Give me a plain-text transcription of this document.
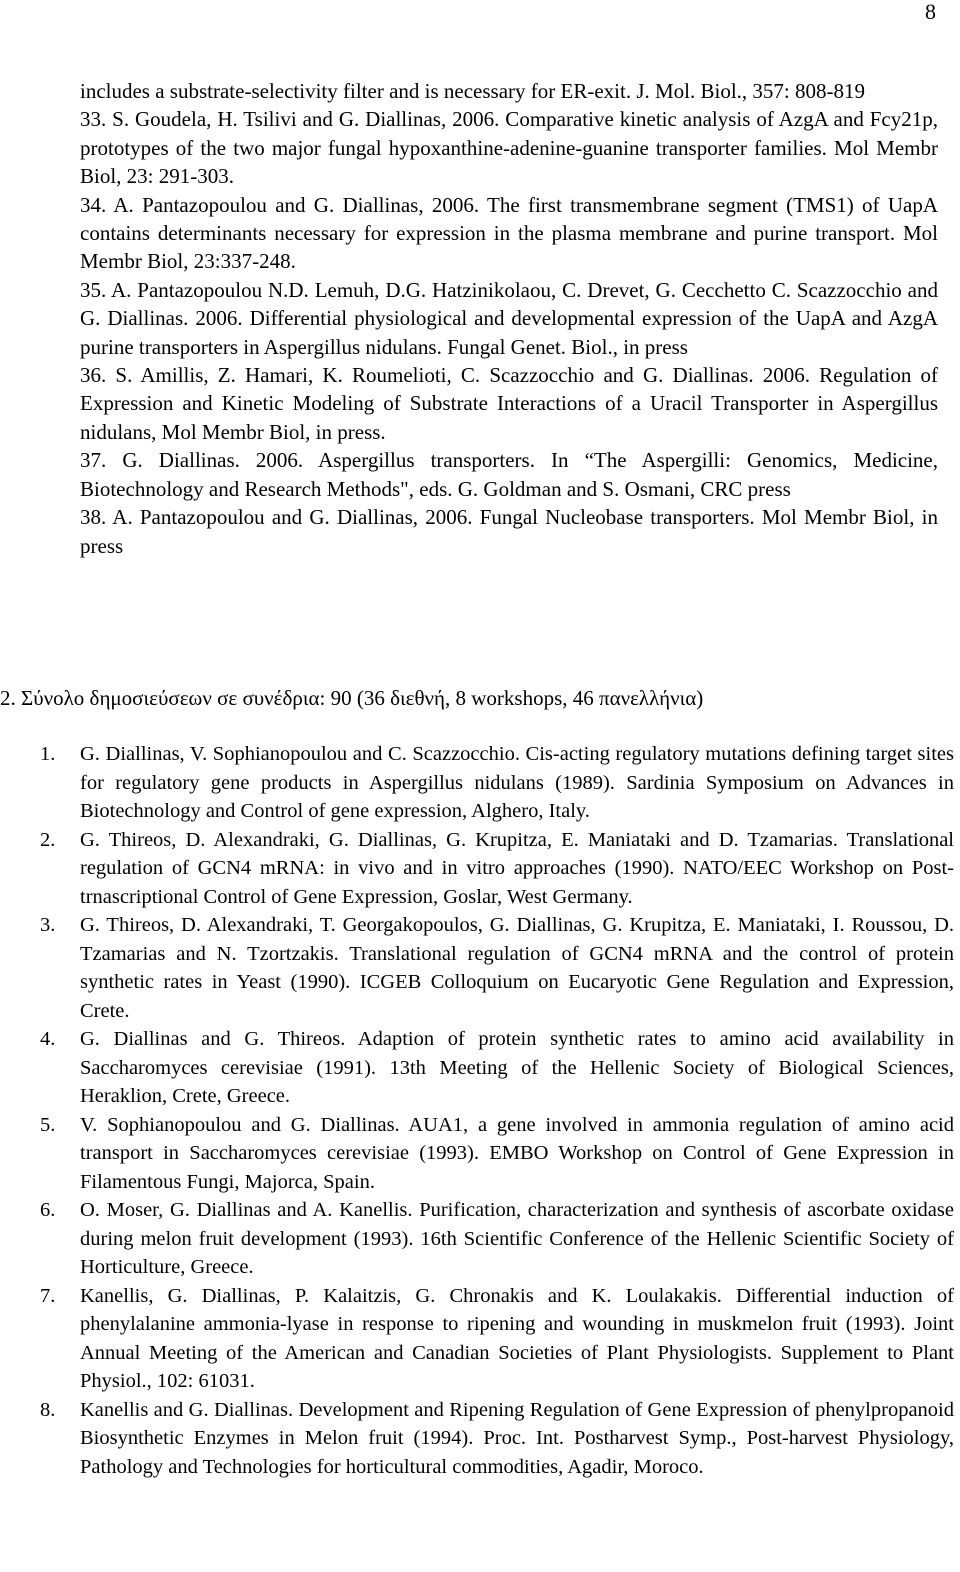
8

includes a substrate-selectivity filter and is necessary for ER-exit. J. Mol. Biol., 357: 808-819

33. S. Goudela, H. Tsilivi and G. Diallinas, 2006. Comparative kinetic analysis of AzgA and Fcy21p, prototypes of the two major fungal hypoxanthine-adenine-guanine transporter families. Mol Membr Biol, 23: 291-303.

34. A. Pantazopoulou and G. Diallinas, 2006. The first transmembrane segment (TMS1) of UapA contains determinants necessary for expression in the plasma membrane and purine transport. Mol Membr Biol, 23:337-248.

35. A. Pantazopoulou N.D. Lemuh, D.G. Hatzinikolaou, C. Drevet, G. Cecchetto C. Scazzocchio and G. Diallinas. 2006. Differential physiological and developmental expression of the UapA and AzgA purine transporters in Aspergillus nidulans. Fungal Genet. Biol., in press

36. S. Amillis, Z. Hamari, K. Roumelioti, C. Scazzocchio and G. Diallinas. 2006. Regulation of Expression and Kinetic Modeling of Substrate Interactions of a Uracil Transporter in Aspergillus nidulans, Mol Membr Biol, in press.

37. G. Diallinas. 2006. Aspergillus transporters. In “The Aspergilli: Genomics, Medicine, Biotechnology and Research Methods", eds. G. Goldman and S. Osmani, CRC press

38. A. Pantazopoulou and G. Diallinas, 2006. Fungal Nucleobase transporters. Mol Membr Biol, in press

2. Σύνολο δημοσιεύσεων σε συνέδρια: 90 (36 διεθνή, 8 workshops, 46 πανελλήνια)
1.	G. Diallinas, V. Sophianopoulou and C. Scazzocchio. Cis-acting regulatory mutations defining target sites for regulatory gene products in Aspergillus nidulans (1989). Sardinia Symposium on Advances in Biotechnology and Control of gene expression, Alghero, Italy.
2.	G. Thireos, D. Alexandraki, G. Diallinas, G. Krupitza, E. Maniataki and D. Tzamarias. Translational regulation of GCN4 mRNA: in vivo and in vitro approaches (1990). NATO/EEC Workshop on Post-trnascriptional Control of Gene Expression, Goslar, West Germany.
3.	G. Thireos, D. Alexandraki, T. Georgakopoulos, G. Diallinas, G. Krupitza, E. Maniataki, I. Roussou, D. Tzamarias and N. Tzortzakis. Translational regulation of GCN4 mRNA and the control of protein synthetic rates in Yeast (1990). ICGEB Colloquium on Eucaryotic Gene Regulation and Expression, Crete.
4.	G. Diallinas and G. Thireos. Adaption of protein synthetic rates to amino acid availability in Saccharomyces cerevisiae (1991). 13th Meeting of the Hellenic Society of Biological Sciences, Heraklion, Crete, Greece.
5.	V. Sophianopoulou and G. Diallinas. AUA1, a gene involved in ammonia regulation of amino acid transport in Saccharomyces cerevisiae (1993). EMBO Workshop on Control of Gene Expression in Filamentous Fungi, Majorca, Spain.
6.	O. Moser, G. Diallinas and A. Kanellis. Purification, characterization and synthesis of ascorbate oxidase during melon fruit development (1993). 16th Scientific Conference of the Hellenic Scientific Society of Horticulture, Greece.
7.	Kanellis, G. Diallinas, P. Kalaitzis, G. Chronakis and K. Loulakakis. Differential induction of phenylalanine ammonia-lyase in response to ripening and wounding in muskmelon fruit (1993). Joint Annual Meeting of the American and Canadian Societies of Plant Physiologists. Supplement to Plant Physiol., 102: 61031.
8.	Kanellis and G. Diallinas. Development and Ripening Regulation of Gene Expression of phenylpropanoid Biosynthetic Enzymes in Melon fruit (1994). Proc. Int. Postharvest Symp., Post-harvest Physiology, Pathology and Technologies for horticultural commodities, Agadir, Moroco.
